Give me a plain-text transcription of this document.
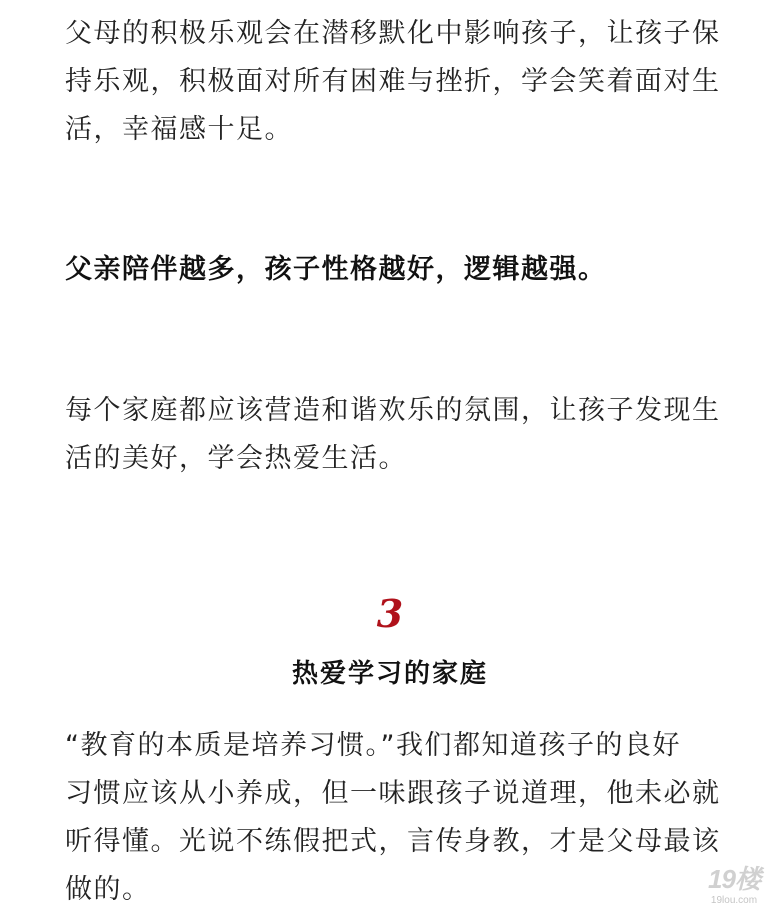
父母的积极乐观会在潜移默化中影响孩子，让孩子保
持乐观，积极面对所有困难与挫折，学会笑着面对生
活，幸福感十足。

父亲陪伴越多，孩子性格越好，逻辑越强。

每个家庭都应该营造和谐欢乐的氛围，让孩子发现生
活的美好，学会热爱生活。

3
热爱学习的家庭

“教育的本质是培养习惯。”我们都知道孩子的良好
习惯应该从小养成，但一味跟孩子说道理，他未必就
听得懂。光说不练假把式，言传身教，才是父母最该
做的。	19楼
19lou.com
